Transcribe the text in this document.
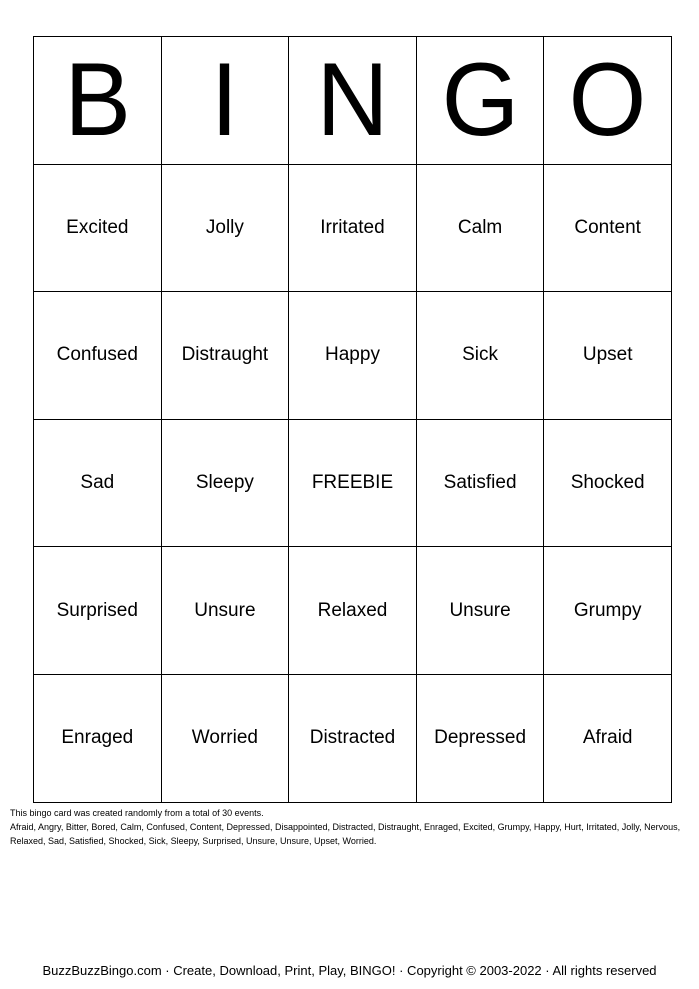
B	I	N	G	O
Excited	Jolly	Irritated	Calm	Content
Confused	Distraught	Happy	Sick	Upset
Sad	Sleepy	FREEBIE	Satisfied	Shocked
Surprised	Unsure	Relaxed	Unsure	Grumpy
Enraged	Worried	Distracted	Depressed	Afraid

This bingo card was created randomly from a total of 30 events.

Afraid, Angry, Bitter, Bored, Calm, Confused, Content, Depressed, Disappointed, Distracted, Distraught, Enraged, Excited, Grumpy, Happy, Hurt, Irritated, Jolly, Nervous, Relaxed, Sad, Satisfied, Shocked, Sick, Sleepy, Surprised, Unsure, Unsure, Upset, Worried.

BuzzBuzzBingo.com · Create, Download, Print, Play, BINGO! · Copyright © 2003-2022 · All rights reserved
